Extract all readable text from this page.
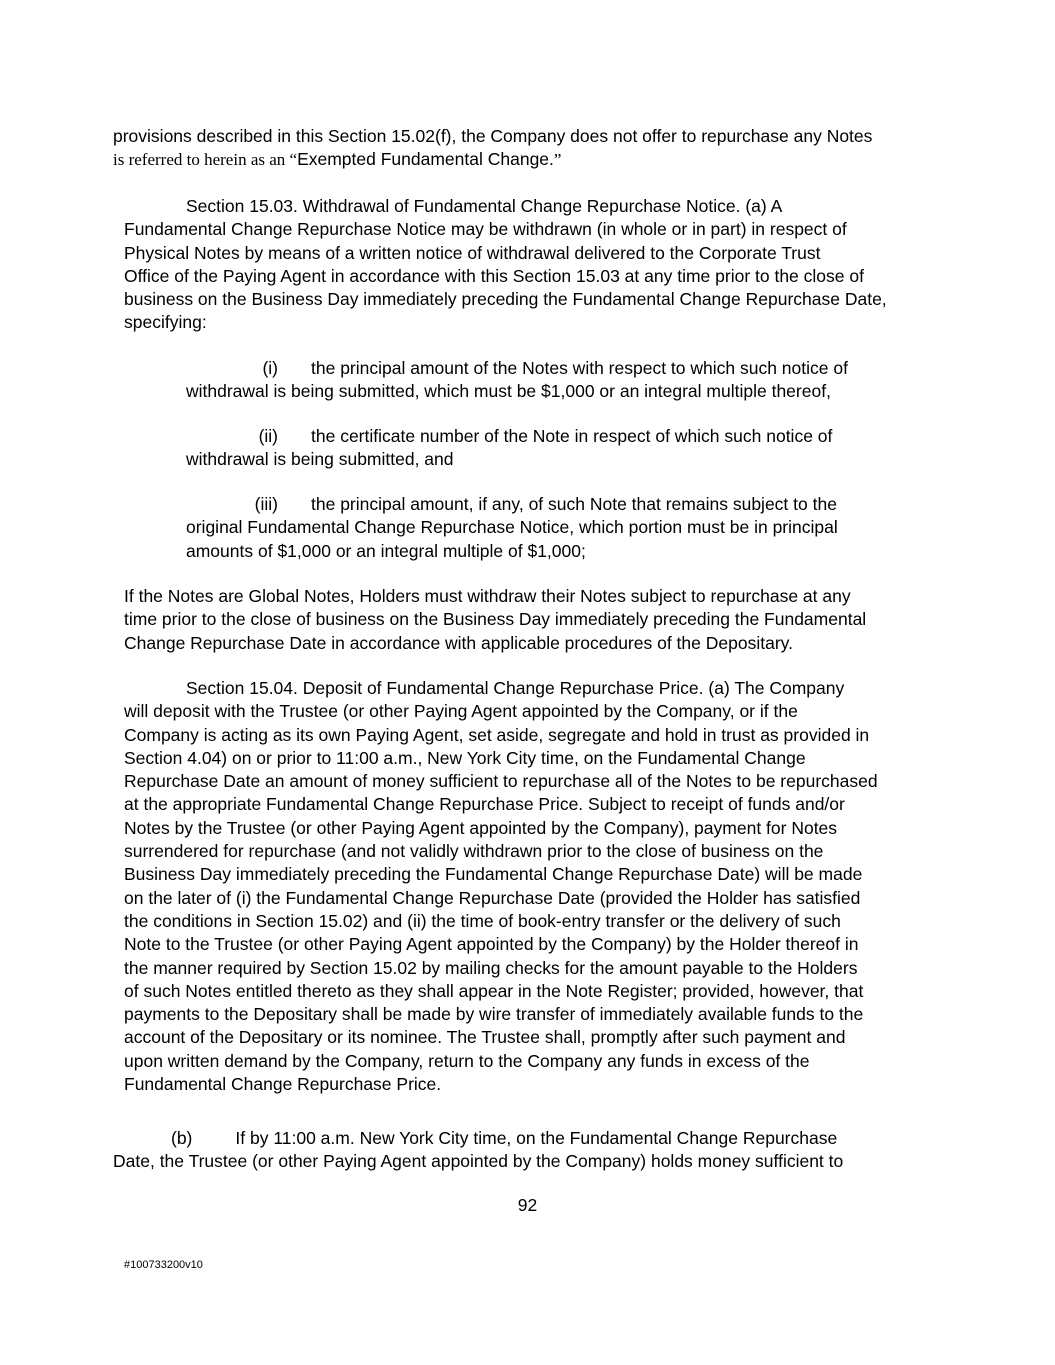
provisions described in this Section 15.02(f), the Company does not offer to repurchase any Notes
is referred to herein as an “Exempted Fundamental Change.”
Section 15.03. Withdrawal of Fundamental Change Repurchase Notice. (a) A
Fundamental Change Repurchase Notice may be withdrawn (in whole or in part) in respect of
Physical Notes by means of a written notice of withdrawal delivered to the Corporate Trust
Office of the Paying Agent in accordance with this Section 15.03 at any time prior to the close of
business on the Business Day immediately preceding the Fundamental Change Repurchase Date,
specifying:
(i) the principal amount of the Notes with respect to which such notice of
withdrawal is being submitted, which must be $1,000 or an integral multiple thereof,
(ii) the certificate number of the Note in respect of which such notice of
withdrawal is being submitted, and
(iii) the principal amount, if any, of such Note that remains subject to the
original Fundamental Change Repurchase Notice, which portion must be in principal
amounts of $1,000 or an integral multiple of $1,000;
If the Notes are Global Notes, Holders must withdraw their Notes subject to repurchase at any
time prior to the close of business on the Business Day immediately preceding the Fundamental
Change Repurchase Date in accordance with applicable procedures of the Depositary.
Section 15.04. Deposit of Fundamental Change Repurchase Price. (a) The Company
will deposit with the Trustee (or other Paying Agent appointed by the Company, or if the
Company is acting as its own Paying Agent, set aside, segregate and hold in trust as provided in
Section 4.04) on or prior to 11:00 a.m., New York City time, on the Fundamental Change
Repurchase Date an amount of money sufficient to repurchase all of the Notes to be repurchased
at the appropriate Fundamental Change Repurchase Price. Subject to receipt of funds and/or
Notes by the Trustee (or other Paying Agent appointed by the Company), payment for Notes
surrendered for repurchase (and not validly withdrawn prior to the close of business on the
Business Day immediately preceding the Fundamental Change Repurchase Date) will be made
on the later of (i) the Fundamental Change Repurchase Date (provided the Holder has satisfied
the conditions in Section 15.02) and (ii) the time of book-entry transfer or the delivery of such
Note to the Trustee (or other Paying Agent appointed by the Company) by the Holder thereof in
the manner required by Section 15.02 by mailing checks for the amount payable to the Holders
of such Notes entitled thereto as they shall appear in the Note Register; provided, however, that
payments to the Depositary shall be made by wire transfer of immediately available funds to the
account of the Depositary or its nominee. The Trustee shall, promptly after such payment and
upon written demand by the Company, return to the Company any funds in excess of the
Fundamental Change Repurchase Price.
(b) If by 11:00 a.m. New York City time, on the Fundamental Change Repurchase
Date, the Trustee (or other Paying Agent appointed by the Company) holds money sufficient to
92
#100733200v10
